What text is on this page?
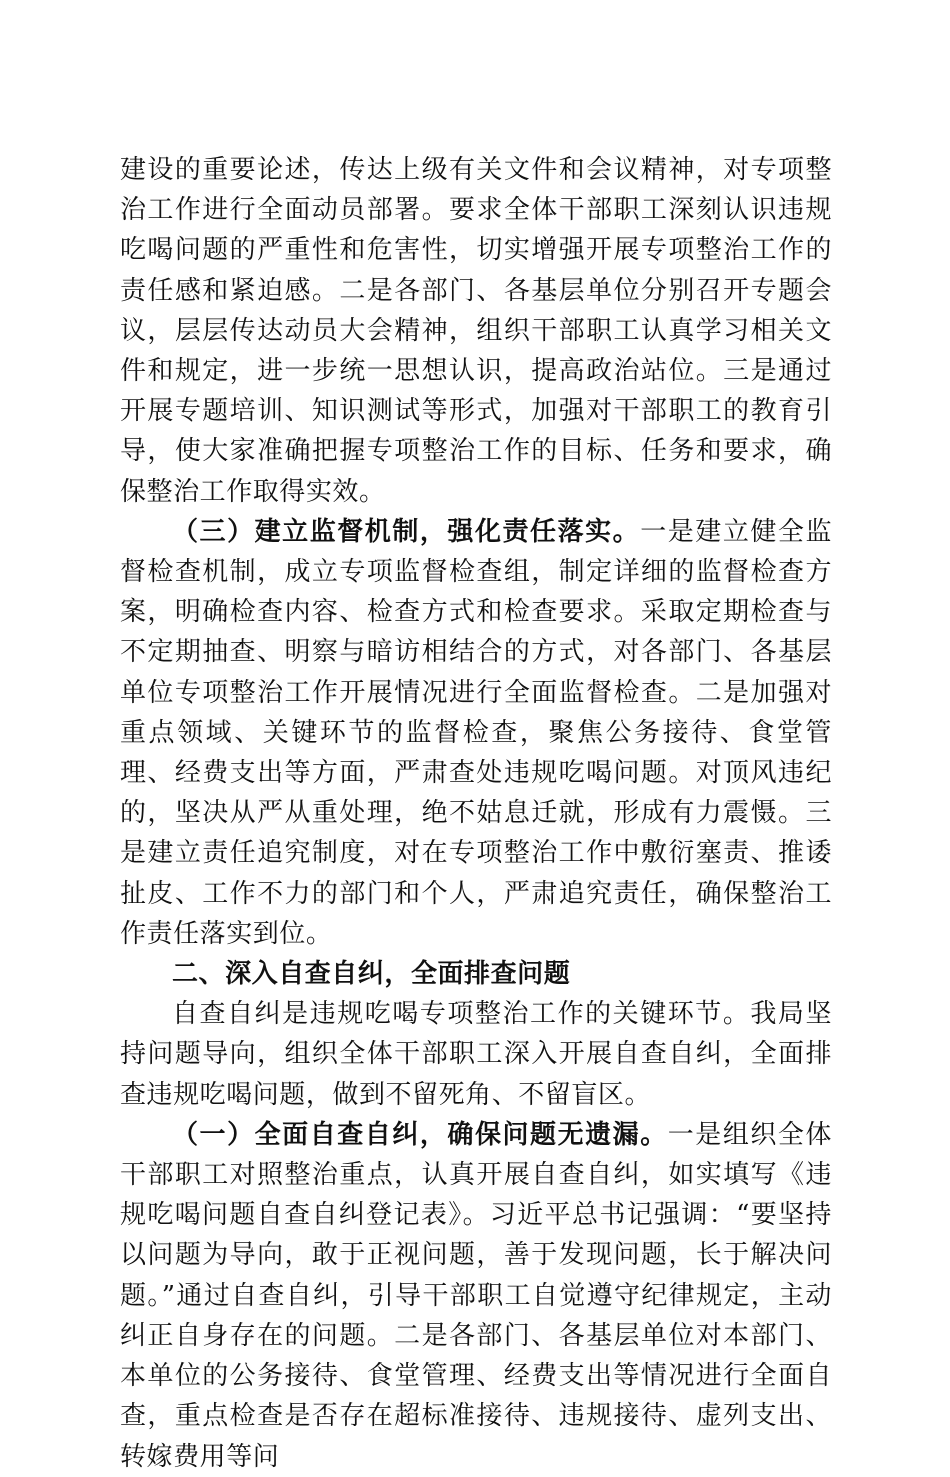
建设的重要论述，传达上级有关文件和会议精神，对专项整治工作进行全面动员部署。要求全体干部职工深刻认识违规吃喝问题的严重性和危害性，切实增强开展专项整治工作的责任感和紧迫感。二是各部门、各基层单位分别召开专题会议，层层传达动员大会精神，组织干部职工认真学习相关文件和规定，进一步统一思想认识，提高政治站位。三是通过开展专题培训、知识测试等形式，加强对干部职工的教育引导，使大家准确把握专项整治工作的目标、任务和要求，确保整治工作取得实效。

（三）建立监督机制，强化责任落实。一是建立健全监督检查机制，成立专项监督检查组，制定详细的监督检查方案，明确检查内容、检查方式和检查要求。采取定期检查与不定期抽查、明察与暗访相结合的方式，对各部门、各基层单位专项整治工作开展情况进行全面监督检查。二是加强对重点领域、关键环节的监督检查，聚焦公务接待、食堂管理、经费支出等方面，严肃查处违规吃喝问题。对顶风违纪的，坚决从严从重处理，绝不姑息迁就，形成有力震慑。三是建立责任追究制度，对在专项整治工作中敷衍塞责、推诿扯皮、工作不力的部门和个人，严肃追究责任，确保整治工作责任落实到位。

二、深入自查自纠，全面排查问题

自查自纠是违规吃喝专项整治工作的关键环节。我局坚持问题导向，组织全体干部职工深入开展自查自纠，全面排查违规吃喝问题，做到不留死角、不留盲区。

（一）全面自查自纠，确保问题无遗漏。一是组织全体干部职工对照整治重点，认真开展自查自纠，如实填写《违规吃喝问题自查自纠登记表》。习近平总书记强调：“要坚持以问题为导向，敢于正视问题，善于发现问题，长于解决问题。”通过自查自纠，引导干部职工自觉遵守纪律规定，主动纠正自身存在的问题。二是各部门、各基层单位对本部门、本单位的公务接待、食堂管理、经费支出等情况进行全面自查，重点检查是否存在超标准接待、违规接待、虚列支出、转嫁费用等问
